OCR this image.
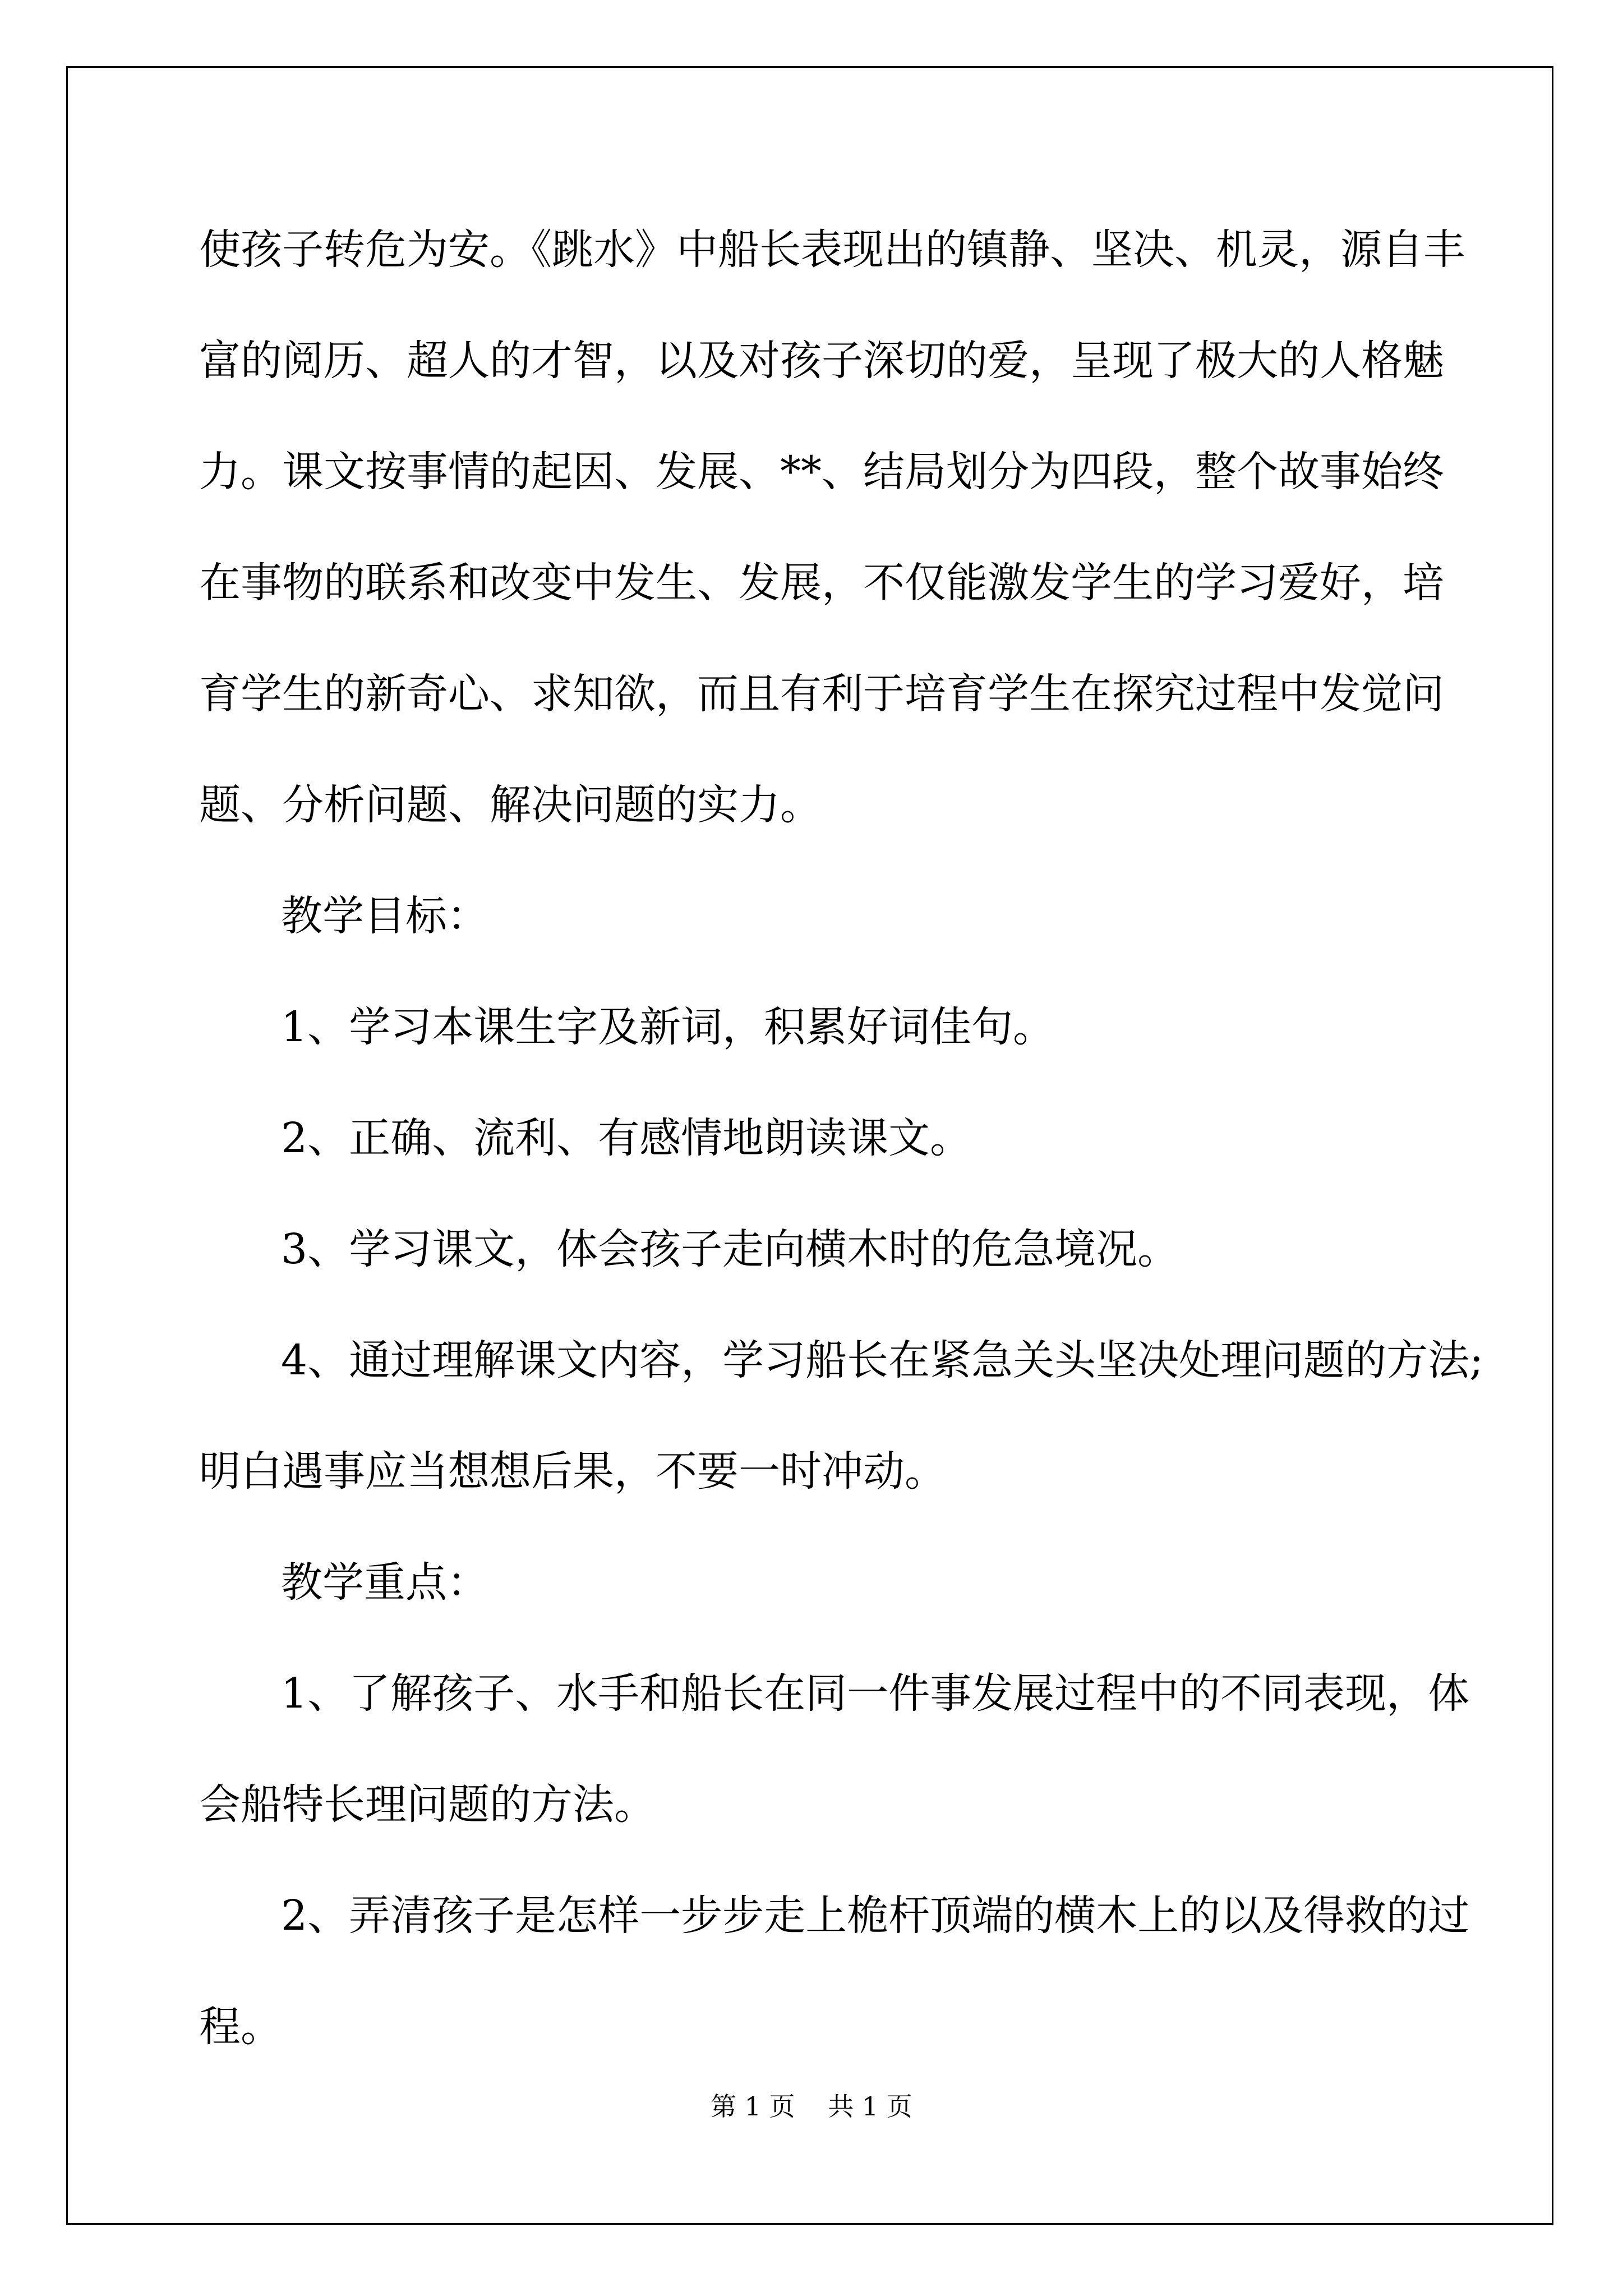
使孩子转危为安。《跳水》中船长表现出的镇静、坚决、机灵，源自丰
富的阅历、超人的才智，以及对孩子深切的爱，呈现了极大的人格魅
力。课文按事情的起因、发展、**、结局划分为四段，整个故事始终
在事物的联系和改变中发生、发展，不仅能激发学生的学习爱好，培
育学生的新奇心、求知欲，而且有利于培育学生在探究过程中发觉问
题、分析问题、解决问题的实力。
教学目标：
1、学习本课生字及新词，积累好词佳句。
2、正确、流利、有感情地朗读课文。
3、学习课文，体会孩子走向横木时的危急境况。
4、通过理解课文内容，学习船长在紧急关头坚决处理问题的方法;
明白遇事应当想想后果，不要一时冲动。
教学重点：
1、了解孩子、水手和船长在同一件事发展过程中的不同表现，体
会船特长理问题的方法。
2、弄清孩子是怎样一步步走上桅杆顶端的横木上的以及得救的过
程。
第 1 页 共 1 页
